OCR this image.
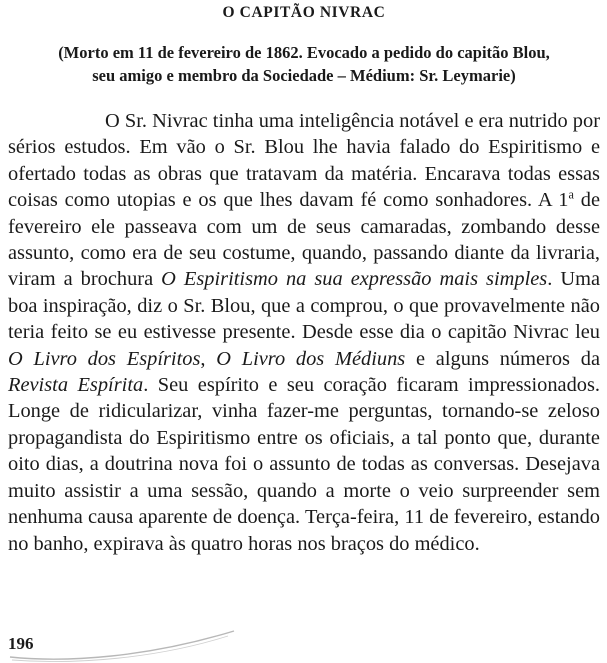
O CAPITÃO NIVRAC
(Morto em 11 de fevereiro de 1862. Evocado a pedido do capitão Blou,
seu amigo e membro da Sociedade – Médium: Sr. Leymarie)

O Sr. Nivrac tinha uma inteligência notável e era nutrido por sérios estudos. Em vão o Sr. Blou lhe havia falado do Espiritismo e ofertado todas as obras que tratavam da matéria. Encarava todas essas coisas como utopias e os que lhes davam fé como sonhadores. A 1$^a$ de fevereiro ele passeava com um de seus camaradas, zombando desse assunto, como era de seu costume, quando, passando diante da livraria, viram a brochura O Espiritismo na sua expressão mais simples. Uma boa inspiração, diz o Sr. Blou, que a comprou, o que provavelmente não teria feito se eu estivesse presente. Desde esse dia o capitão Nivrac leu O Livro dos Espíritos, O Livro dos Médiuns e alguns números da Revista Espírita. Seu espírito e seu coração ficaram impressionados. Longe de ridicularizar, vinha fazer-me perguntas, tornando-se zeloso propagandista do Espiritismo entre os oficiais, a tal ponto que, durante oito dias, a doutrina nova foi o assunto de todas as conversas. Desejava muito assistir a uma sessão, quando a morte o veio surpreender sem nenhuma causa aparente de doença. Terça-feira, 11 de fevereiro, estando no banho, expirava às quatro horas nos braços do médico.

196
